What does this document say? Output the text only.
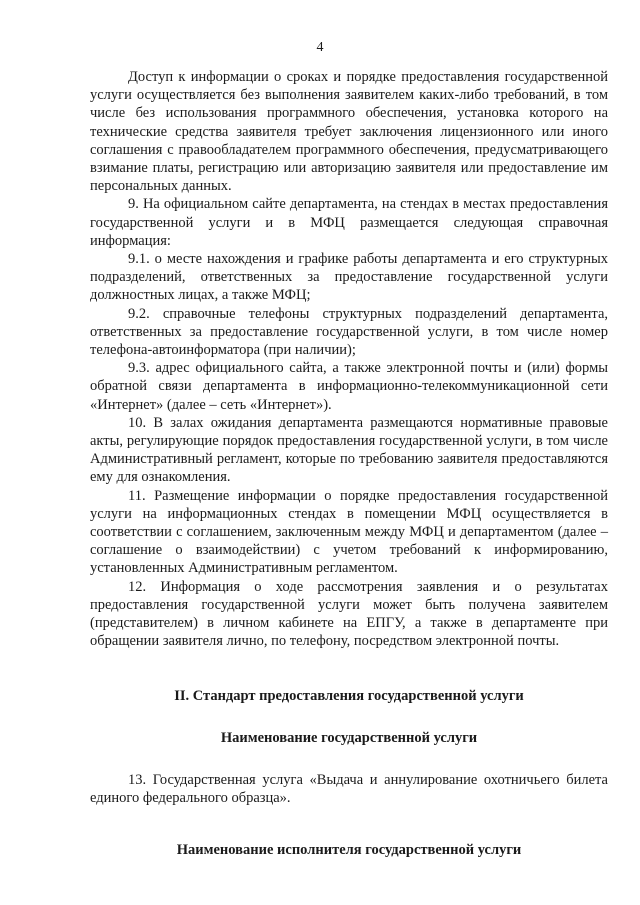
4

Доступ к информации о сроках и порядке предоставления государственной услуги осуществляется без выполнения заявителем каких-либо требований, в том числе без использования программного обеспечения, установка которого на технические средства заявителя требует заключения лицензионного или иного соглашения с правообладателем программного обеспечения, предусматривающего взимание платы, регистрацию или авторизацию заявителя или предоставление им персональных данных.

9. На официальном сайте департамента, на стендах в местах предоставления государственной услуги и в МФЦ размещается следующая справочная информация:

9.1. о месте нахождения и графике работы департамента и его структурных подразделений, ответственных за предоставление государственной услуги должностных лицах, а также МФЦ;

9.2. справочные телефоны структурных подразделений департамента, ответственных за предоставление государственной услуги, в том числе номер телефона-автоинформатора (при наличии);

9.3. адрес официального сайта, а также электронной почты и (или) формы обратной связи департамента в информационно-телекоммуникационной сети «Интернет» (далее – сеть «Интернет»).

10. В залах ожидания департамента размещаются нормативные правовые акты, регулирующие порядок предоставления государственной услуги, в том числе Административный регламент, которые по требованию заявителя предоставляются ему для ознакомления.

11. Размещение информации о порядке предоставления государственной услуги на информационных стендах в помещении МФЦ осуществляется в соответствии с соглашением, заключенным между МФЦ и департаментом (далее – соглашение о взаимодействии) с учетом требований к информированию, установленных Административным регламентом.

12. Информация о ходе рассмотрения заявления и о результатах предоставления государственной услуги может быть получена заявителем (представителем) в личном кабинете на ЕПГУ, а также в департаменте при обращении заявителя лично, по телефону, посредством электронной почты.

II. Стандарт предоставления государственной услуги

Наименование государственной услуги

13. Государственная услуга «Выдача и аннулирование охотничьего билета единого федерального образца».

Наименование исполнителя государственной услуги
